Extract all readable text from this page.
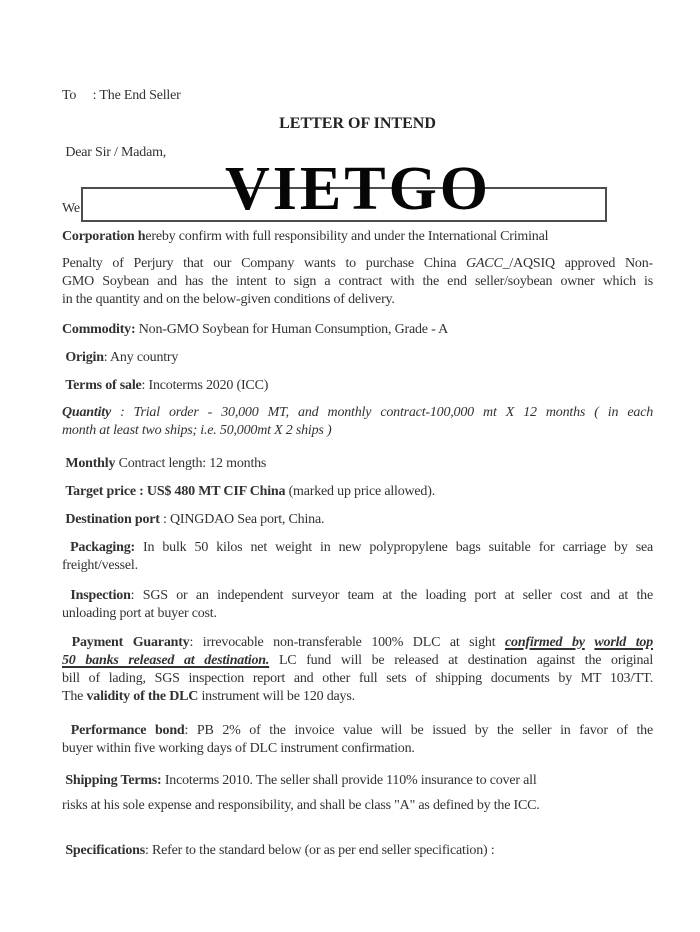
To     : The End Seller
LETTER OF INTEND
Dear Sir / Madam,
We
Corporation hereby confirm with full responsibility and under the International Criminal
Penalty of Perjury that our Company wants to purchase China GACC_/AQSIQ approved Non-
GMO Soybean and has the intent to sign a contract with the end seller/soybean owner which is
in the quantity and on the below-given conditions of delivery.
Commodity: Non-GMO Soybean for Human Consumption, Grade - A
Origin: Any country
Terms of sale: Incoterms 2020 (ICC)
Quantity : Trial order - 30,000 MT, and monthly contract-100,000 mt X 12 months ( in each
month at least two ships; i.e. 50,000mt X 2 ships )
Monthly Contract length: 12 months
Target price : US$ 480 MT CIF China (marked up price allowed).
Destination port : QINGDAO Sea port, China.
Packaging: In bulk 50 kilos net weight in new polypropylene bags suitable for carriage by sea
freight/vessel.
Inspection: SGS or an independent surveyor team at the loading port at seller cost and at the
unloading port at buyer cost.
Payment Guaranty: irrevocable non-transferable 100% DLC at sight confirmed by world top
50 banks released at destination. LC fund will be released at destination against the original
bill of lading, SGS inspection report and other full sets of shipping documents by MT 103/TT.
The validity of the DLC instrument will be 120 days.
Performance bond: PB 2% of the invoice value will be issued by the seller in favor of the
buyer within five working days of DLC instrument confirmation.
Shipping Terms: Incoterms 2010. The seller shall provide 110% insurance to cover all
risks at his sole expense and responsibility, and shall be class "A" as defined by the ICC.
Specifications: Refer to the standard below (or as per end seller specification) :
VIETGO
